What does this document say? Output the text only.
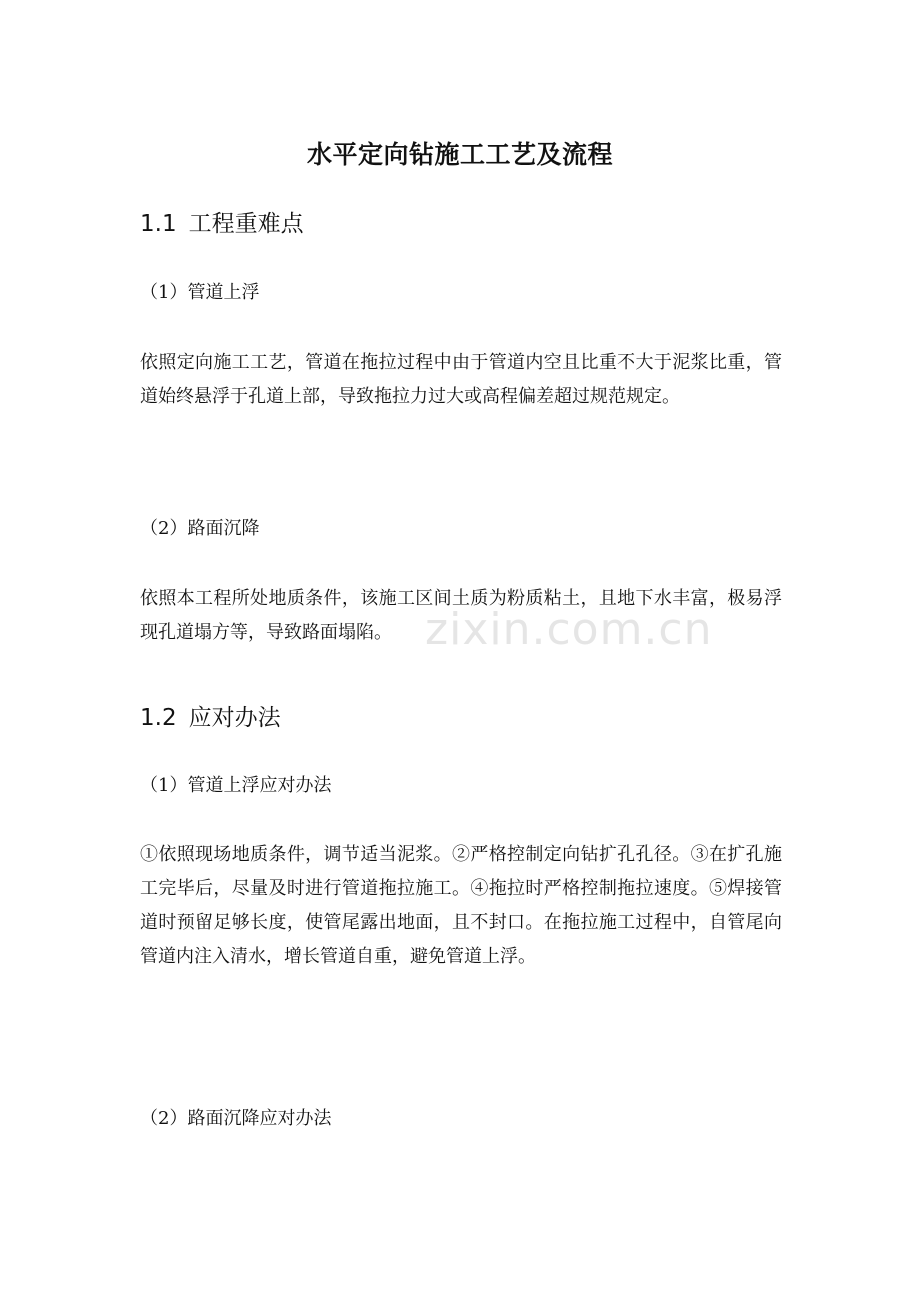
水平定向钻施工工艺及流程
1.1 工程重难点
（1）管道上浮
依照定向施工工艺，管道在拖拉过程中由于管道内空且比重不大于泥浆比重，管道始终悬浮于孔道上部，导致拖拉力过大或高程偏差超过规范规定。
（2）路面沉降
依照本工程所处地质条件，该施工区间土质为粉质粘土，且地下水丰富，极易浮现孔道塌方等，导致路面塌陷。
1.2 应对办法
（1）管道上浮应对办法
①依照现场地质条件，调节适当泥浆。②严格控制定向钻扩孔孔径。③在扩孔施工完毕后，尽量及时进行管道拖拉施工。④拖拉时严格控制拖拉速度。⑤焊接管道时预留足够长度，使管尾露出地面，且不封口。在拖拉施工过程中，自管尾向管道内注入清水，增长管道自重，避免管道上浮。
（2）路面沉降应对办法
zixin.com.cn
